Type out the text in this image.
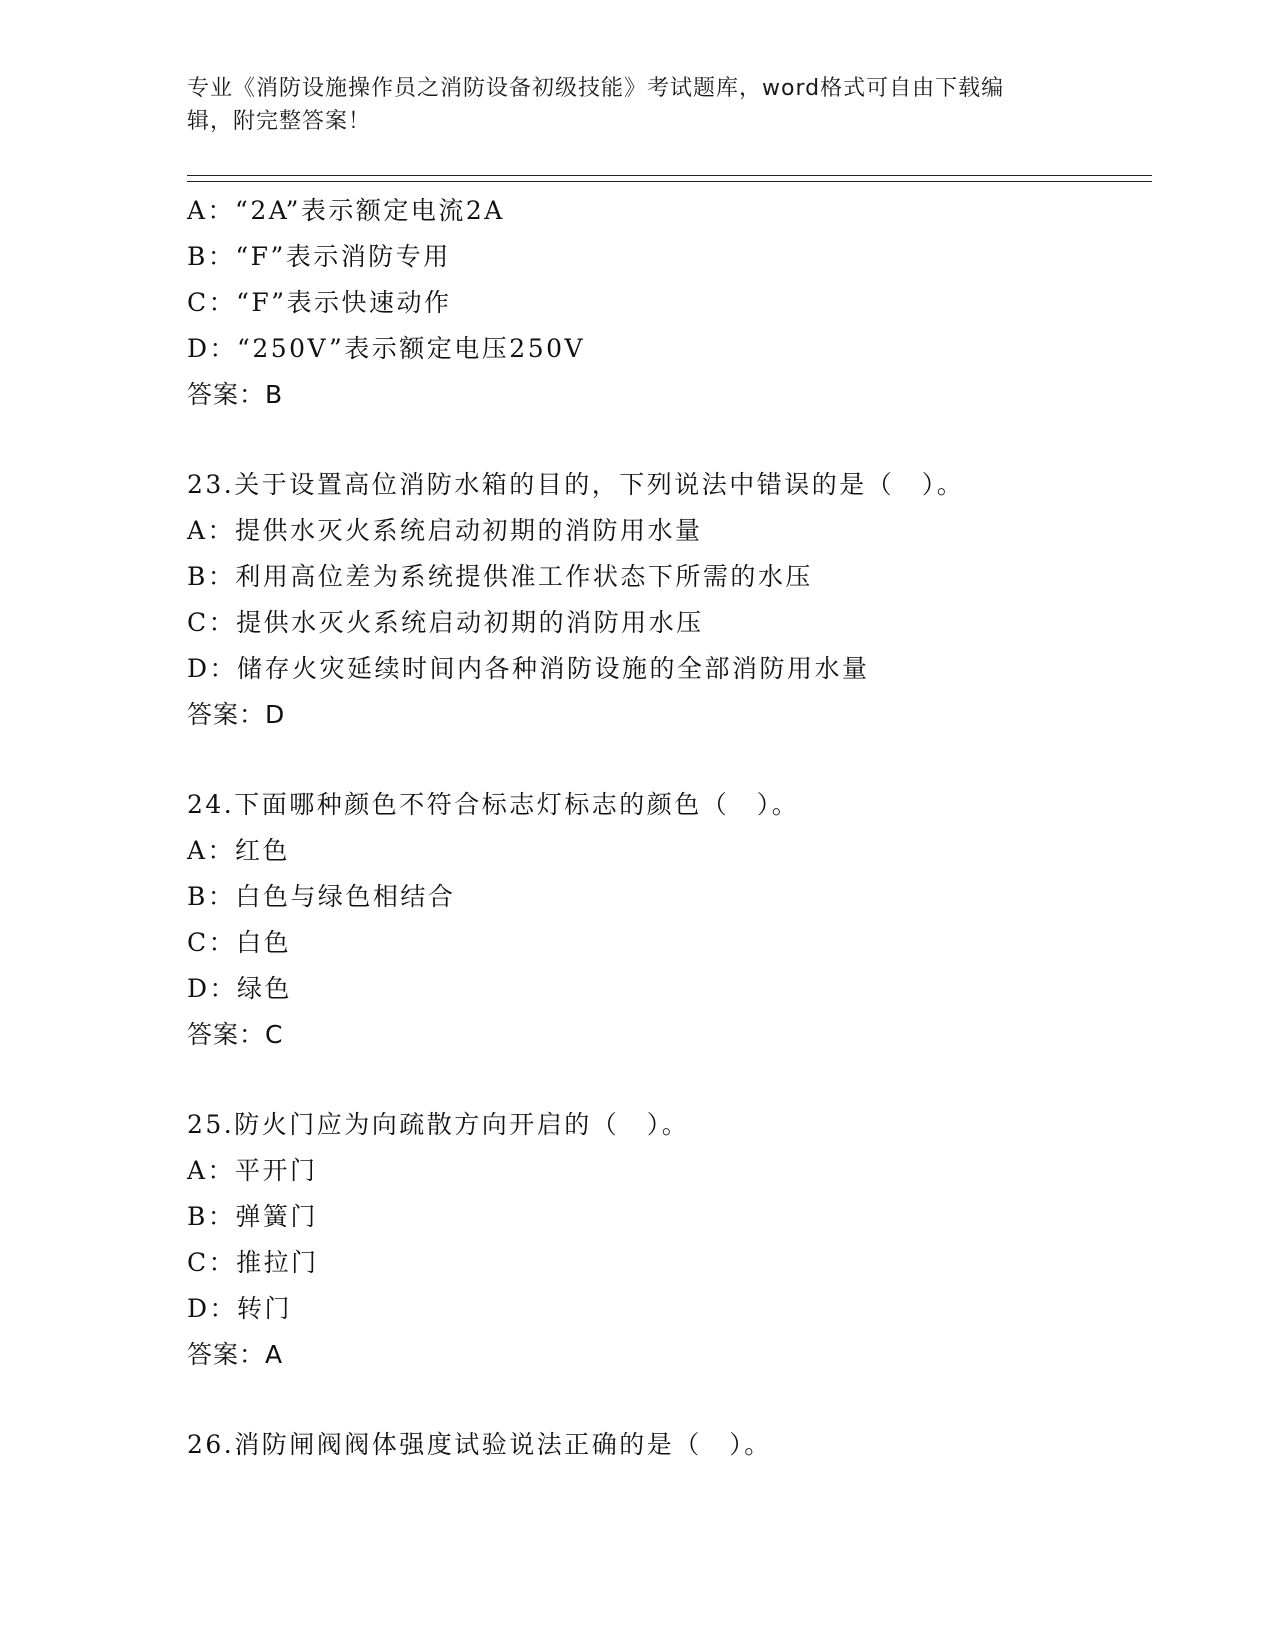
专业《消防设施操作员之消防设备初级技能》考试题库，word格式可自由下载编
辑，附完整答案！
A：“2A”表示额定电流2A
B：“F”表示消防专用
C：“F”表示快速动作
D：“250V”表示额定电压250V
答案：B
23.关于设置高位消防水箱的目的，下列说法中错误的是（　）。
A：提供水灭火系统启动初期的消防用水量
B：利用高位差为系统提供准工作状态下所需的水压
C：提供水灭火系统启动初期的消防用水压
D：储存火灾延续时间内各种消防设施的全部消防用水量
答案：D
24.下面哪种颜色不符合标志灯标志的颜色（　）。
A：红色
B：白色与绿色相结合
C：白色
D：绿色
答案：C
25.防火门应为向疏散方向开启的（　）。
A：平开门
B：弹簧门
C：推拉门
D：转门
答案：A
26.消防闸阀阀体强度试验说法正确的是（　）。
